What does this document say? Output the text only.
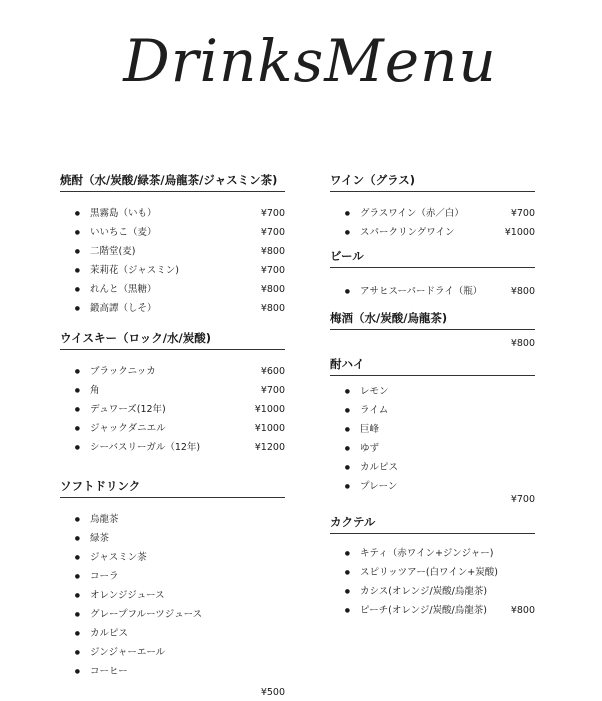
DrinksMenu
焼酎（水/炭酸/緑茶/烏龍茶/ジャスミン茶)
● 黒霧島（いも）	¥700
● いいちこ（麦）	¥700
● 二階堂(麦)	¥800
● 茉莉花（ジャスミン)	¥700
● れんと（黒糖）	¥800
● 鍛高譚（しそ）	¥800
ウイスキー（ロック/水/炭酸)
● ブラックニッカ	¥600
● 角	¥700
● デュワーズ(12年)	¥1000
● ジャックダニエル	¥1000
● シーバスリーガル（12年)	¥1200
ソフトドリンク
● 烏龍茶
● 緑茶
● ジャスミン茶
● コーラ
● オレンジジュース
● グレープフルーツジュース
● カルピス
● ジンジャーエール
● コーヒー
¥500
ワイン（グラス)
● グラスワイン（赤／白）	¥700
● スパークリングワイン	¥1000
ビール
● アサヒスーパードライ（瓶）	¥800
梅酒（水/炭酸/烏龍茶)
¥800
酎ハイ
● レモン
● ライム
● 巨峰
● ゆず
● カルピス
● プレーン
¥700
カクテル
● キティ（赤ワイン+ジンジャー)
● スピリッツアー(白ワイン+炭酸)
● カシス(オレンジ/炭酸/烏龍茶)
● ピーチ(オレンジ/炭酸/烏龍茶)	¥800
